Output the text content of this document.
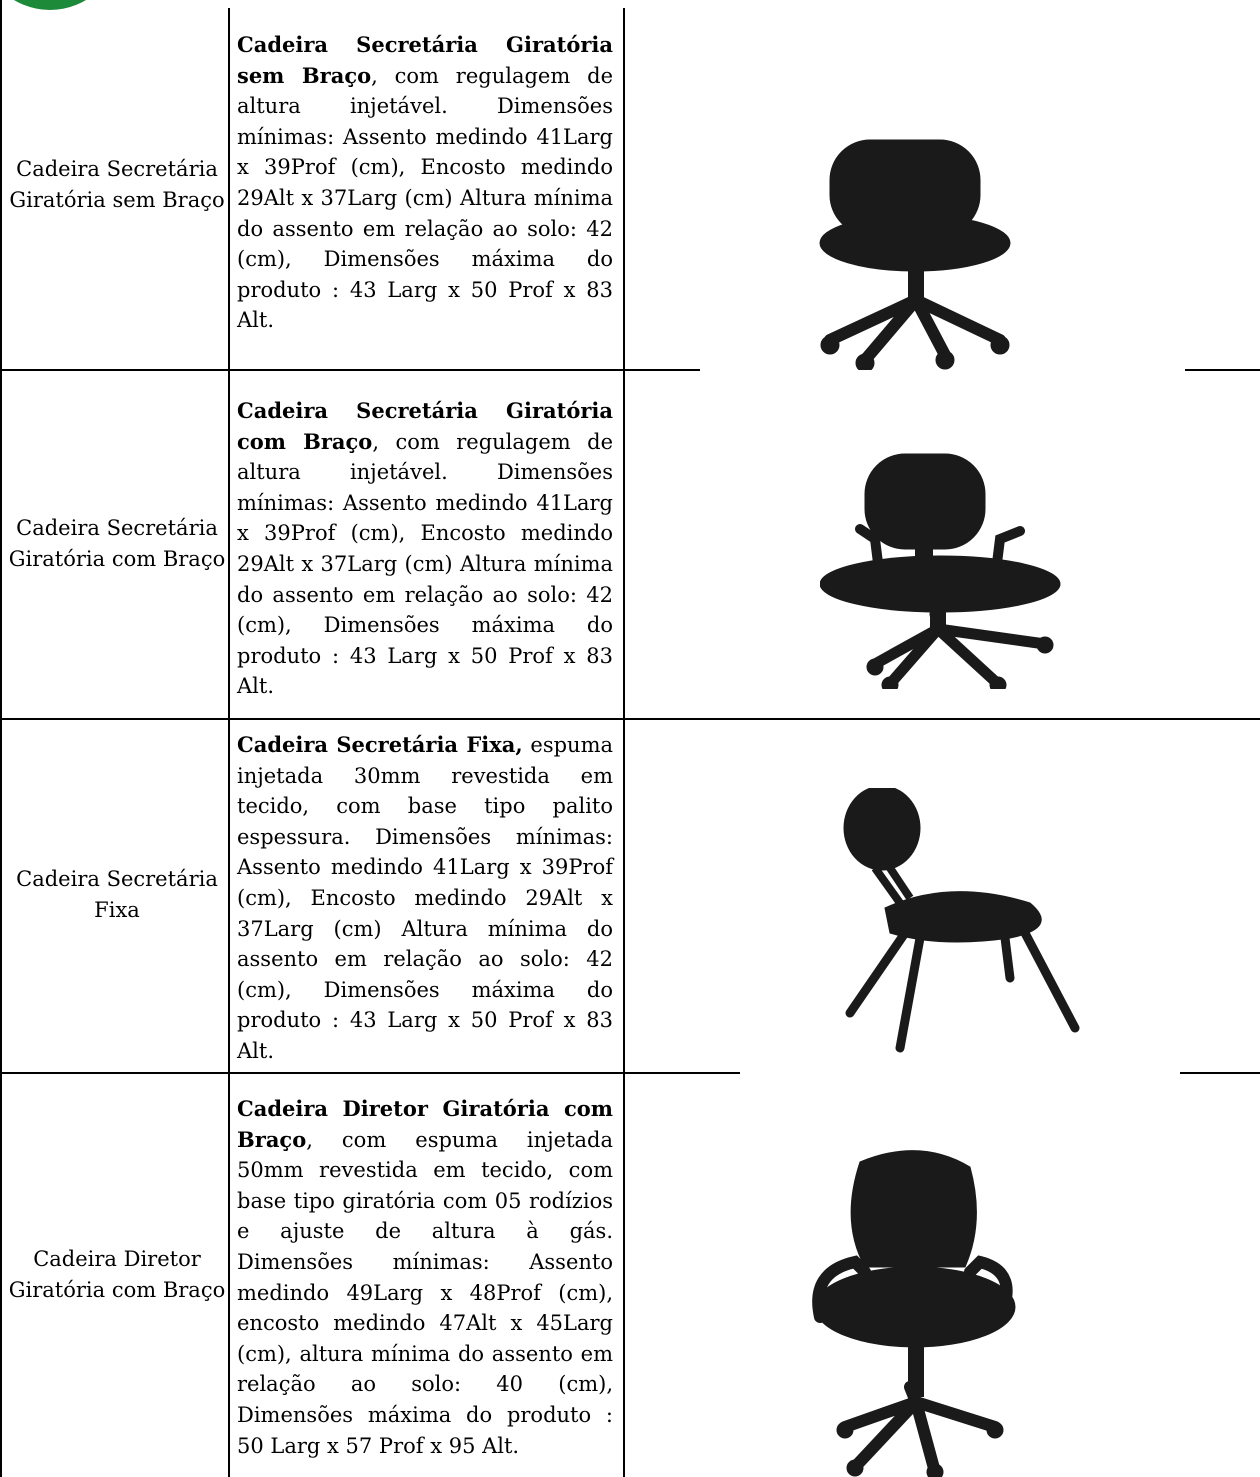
Cadeira Secretária Giratória sem Braço
Cadeira Secretária Giratória sem Braço, com regulagem de altura injetável. Dimensões mínimas: Assento medindo 41Larg x 39Prof (cm), Encosto medindo 29Alt x 37Larg (cm) Altura mínima do assento em relação ao solo: 42 (cm), Dimensões máxima do produto : 43 Larg x 50 Prof x 83 Alt.
Cadeira Secretária Giratória com Braço
Cadeira Secretária Giratória com Braço, com regulagem de altura injetável. Dimensões mínimas: Assento medindo 41Larg x 39Prof (cm), Encosto medindo 29Alt x 37Larg (cm) Altura mínima do assento em relação ao solo: 42 (cm), Dimensões máxima do produto : 43 Larg x 50 Prof x 83 Alt.
Cadeira Secretária Fixa
Cadeira Secretária Fixa, espuma injetada 30mm revestida em tecido, com base tipo palito espessura. Dimensões mínimas: Assento medindo 41Larg x 39Prof (cm), Encosto medindo 29Alt x 37Larg (cm) Altura mínima do assento em relação ao solo: 42 (cm), Dimensões máxima do produto : 43 Larg x 50 Prof x 83 Alt.
Cadeira Diretor Giratória com Braço
Cadeira Diretor Giratória com Braço, com espuma injetada 50mm revestida em tecido, com base tipo giratória com 05 rodízios e ajuste de altura à gás. Dimensões mínimas: Assento medindo 49Larg x 48Prof (cm), encosto medindo 47Alt x 45Larg (cm), altura mínima do assento em relação ao solo: 40 (cm), Dimensões máxima do produto : 50 Larg x 57 Prof x 95 Alt.
